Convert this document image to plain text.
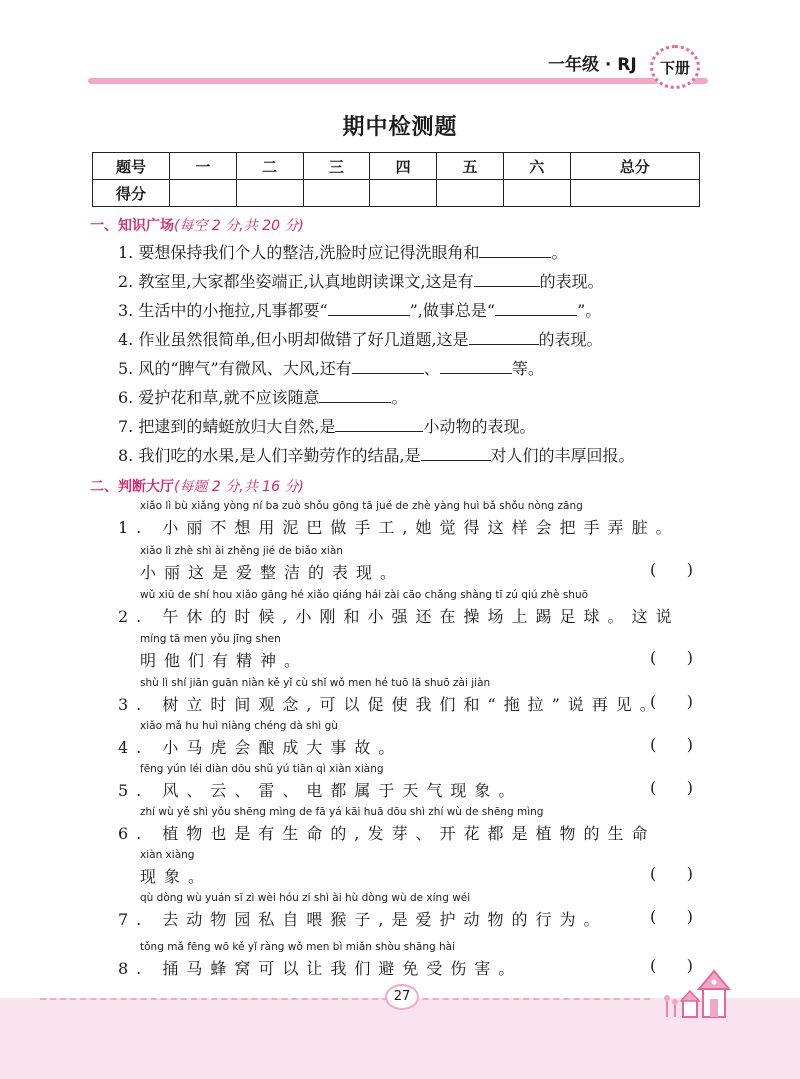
一年级 · RJ	下册
期中检测题
题号	一	二	三	四	五	六	总分
得分							
一、知识广场(每空 2 分,共 20 分)
1. 要想保持我们个人的整洁,洗脸时应记得洗眼角和	。
2. 教室里,大家都坐姿端正,认真地朗读课文,这是有	的表现。
3. 生活中的小拖拉,凡事都要“	”,做事总是“	”。
4. 作业虽然很简单,但小明却做错了好几道题,这是	的表现。
5. 风的“脾气”有微风、大风,还有	、	等。
6. 爱护花和草,就不应该随意	。
7. 把逮到的蜻蜓放归大自然,是	小动物的表现。
8. 我们吃的水果,是人们辛勤劳作的结晶,是	对人们的丰厚回报。
二、判断大厅(每题 2 分,共 16 分)
xiǎo lì bù xiǎng yòng ní ba zuò shǒu gōng tā jué de zhè yàng huì bǎ shǒu nòng zāng
1. 小丽不想用泥巴做手工,她觉得这样会把手弄脏。
xiǎo lì zhè shì ài zhěng jié de biǎo xiàn
小丽这是爱整洁的表现。	(      )
wǔ xiū de shí hou xiǎo gāng hé xiǎo qiáng hái zài cāo chǎng shàng tī zú qiú zhè shuō
2. 午休的时候,小刚和小强还在操场上踢足球。这说
míng tā men yǒu jīng shen
明他们有精神。	(      )
shù lì shí jiān guān niàn kě yǐ cù shǐ wǒ men hé tuō lā shuō zài jiàn
3. 树立时间观念,可以促使我们和“拖拉”说再见。
(      )
xiǎo mǎ hu huì niàng chéng dà shì gù
4. 小马虎会酿成大事故。	(      )
fēng yún léi diàn dōu shǔ yú tiān qì xiàn xiàng
5. 风、云、雷、电都属于天气现象。	(      )
zhí wù yě shì yǒu shēng mìng de fā yá kāi huā dōu shì zhí wù de shēng mìng
6. 植物也是有生命的,发芽、开花都是植物的生命
xiàn xiàng
现象。	(      )
qù dòng wù yuán sī zì wèi hóu zi shì ài hù dòng wù de xíng wéi
7. 去动物园私自喂猴子,是爱护动物的行为。	(      )
tǒng mǎ fēng wō kě yǐ ràng wǒ men bì miǎn shòu shāng hài
8. 捅马蜂窝可以让我们避免受伤害。	(      )
27
